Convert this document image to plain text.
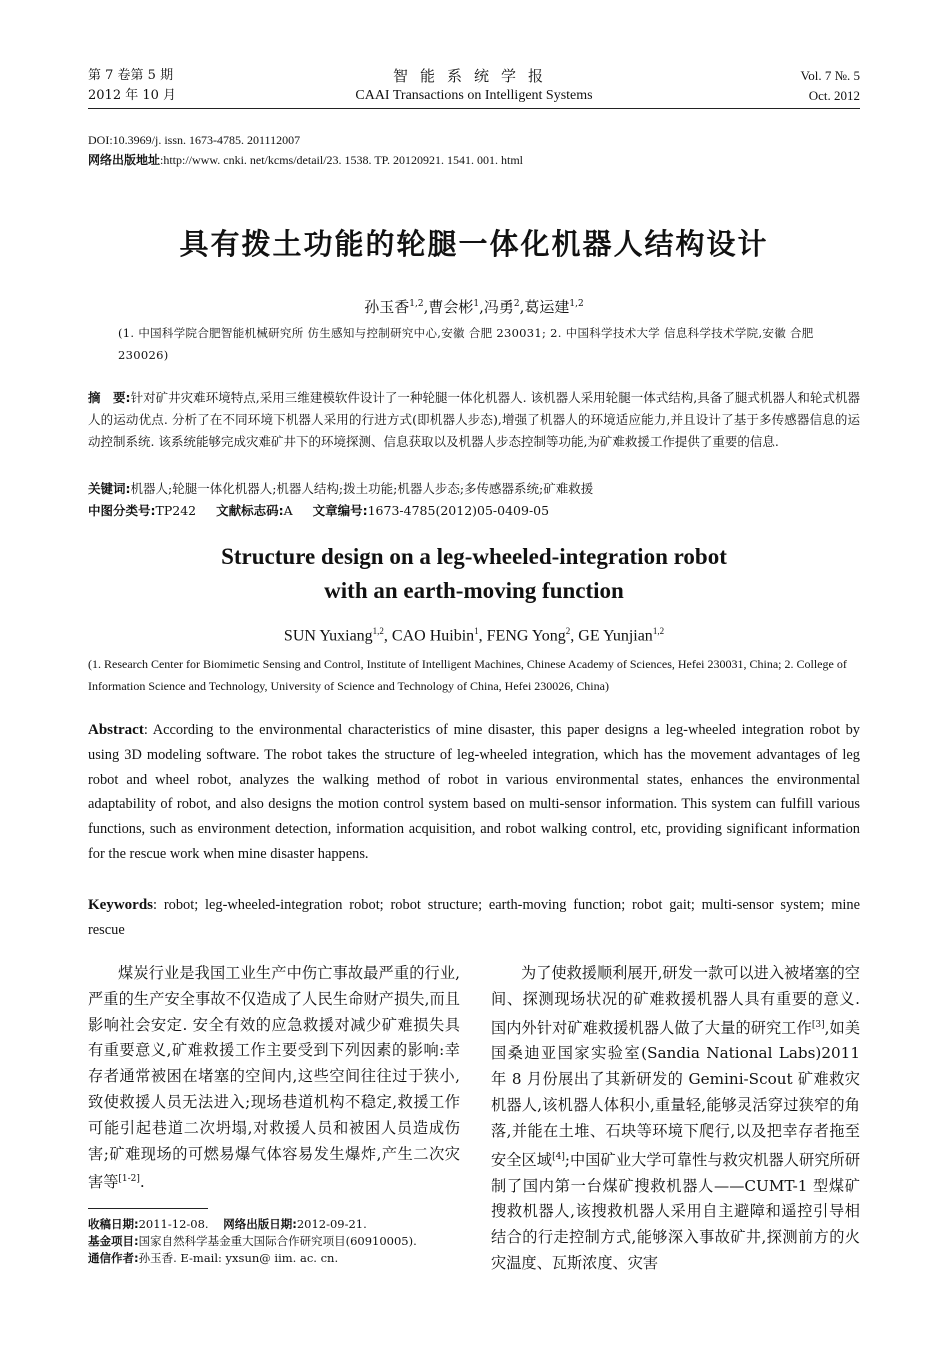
第 7 卷第 5 期
2012 年 10 月
智能系统学报
CAAI Transactions on Intelligent Systems
Vol. 7 №. 5
Oct. 2012
DOI:10.3969/j. issn. 1673-4785. 201112007
网络出版地址:http://www. cnki. net/kcms/detail/23. 1538. TP. 20120921. 1541. 001. html
具有拨土功能的轮腿一体化机器人结构设计
孙玉香$^{1,2}$,曹会彬$^1$,冯勇$^2$,葛运建$^{1,2}$
(1. 中国科学院合肥智能机械研究所 仿生感知与控制研究中心,安徽 合肥 230031; 2. 中国科学技术大学 信息科学技术学院,安徽 合肥 230026)
摘　要:针对矿井灾难环境特点,采用三维建模软件设计了一种轮腿一体化机器人. 该机器人采用轮腿一体式结构,具备了腿式机器人和轮式机器人的运动优点. 分析了在不同环境下机器人采用的行进方式(即机器人步态),增强了机器人的环境适应能力,并且设计了基于多传感器信息的运动控制系统. 该系统能够完成灾难矿井下的环境探测、信息获取以及机器人步态控制等功能,为矿难救援工作提供了重要的信息.
关键词:机器人;轮腿一体化机器人;机器人结构;拨土功能;机器人步态;多传感器系统;矿难救援
中图分类号:TP242 文献标志码:A 文章编号:1673-4785(2012)05-0409-05
Structure design on a leg-wheeled-integration robot
with an earth-moving function
SUN Yuxiang$^{1,2}$, CAO Huibin$^1$, FENG Yong$^2$, GE Yunjian$^{1,2}$
(1. Research Center for Biomimetic Sensing and Control, Institute of Intelligent Machines, Chinese Academy of Sciences, Hefei 230031, China; 2. College of Information Science and Technology, University of Science and Technology of China, Hefei 230026, China)
Abstract: According to the environmental characteristics of mine disaster, this paper designs a leg-wheeled integration robot by using 3D modeling software. The robot takes the structure of leg-wheeled integration, which has the movement advantages of leg robot and wheel robot, analyzes the walking method of robot in various environmental states, enhances the environmental adaptability of robot, and also designs the motion control system based on multi-sensor information. This system can fulfill various functions, such as environment detection, information acquisition, and robot walking control, etc, providing significant information for the rescue work when mine disaster happens.
Keywords: robot; leg-wheeled-integration robot; robot structure; earth-moving function; robot gait; multi-sensor system; mine rescue
煤炭行业是我国工业生产中伤亡事故最严重的行业,严重的生产安全事故不仅造成了人民生命财产损失,而且影响社会安定. 安全有效的应急救援对减少矿难损失具有重要意义,矿难救援工作主要受到下列因素的影响:幸存者通常被困在堵塞的空间内,这些空间往往过于狭小,致使救援人员无法进入;现场巷道机构不稳定,救援工作可能引起巷道二次坍塌,对救援人员和被困人员造成伤害;矿难现场的可燃易爆气体容易发生爆炸,产生二次灾害等[1-2].
为了使救援顺利展开,研发一款可以进入被堵塞的空间、探测现场状况的矿难救援机器人具有重要的意义. 国内外针对矿难救援机器人做了大量的研究工作[3],如美国桑迪亚国家实验室(Sandia National Labs)2011 年 8 月份展出了其新研发的 Gemini-Scout 矿难救灾机器人,该机器人体积小,重量轻,能够灵活穿过狭窄的角落,并能在土堆、石块等环境下爬行,以及把幸存者拖至安全区域[4];中国矿业大学可靠性与救灾机器人研究所研制了国内第一台煤矿搜救机器人——CUMT-1 型煤矿搜救机器人,该搜救机器人采用自主避障和遥控引导相结合的行走控制方式,能够深入事故矿井,探测前方的火灾温度、瓦斯浓度、灾害
收稿日期:2011-12-08. 网络出版日期:2012-09-21.
基金项目:国家自然科学基金重大国际合作研究项目(60910005).
通信作者:孙玉香. E-mail: yxsun@ iim. ac. cn.
